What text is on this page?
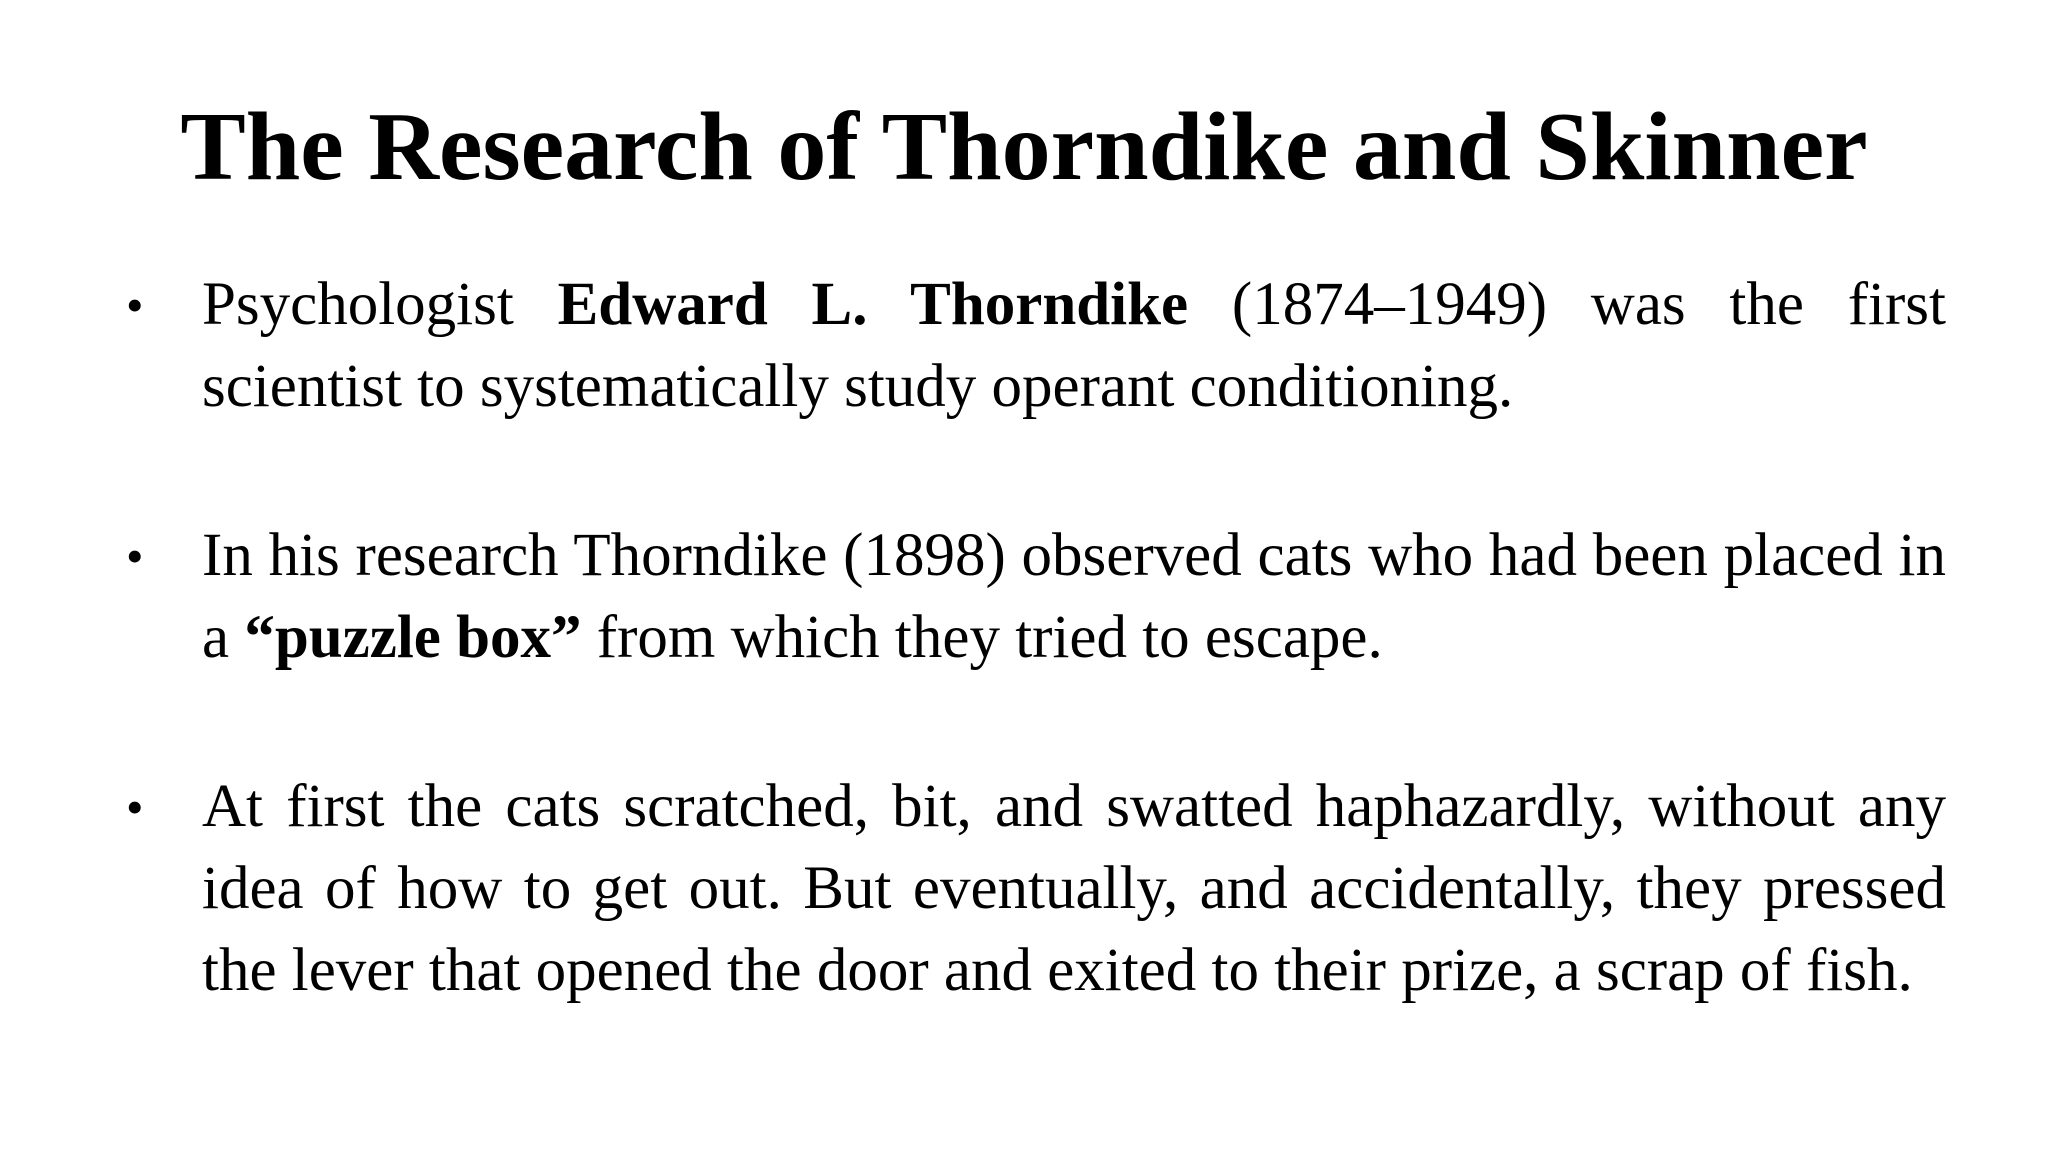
The Research of Thorndike and Skinner
• Psychologist Edward L. Thorndike (1874–1949) was the first scientist to systematically study operant conditioning.
• In his research Thorndike (1898) observed cats who had been placed in a “puzzle box” from which they tried to escape.
• At first the cats scratched, bit, and swatted haphazardly, without any idea of how to get out. But eventually, and accidentally, they pressed the lever that opened the door and exited to their prize, a scrap of fish.
